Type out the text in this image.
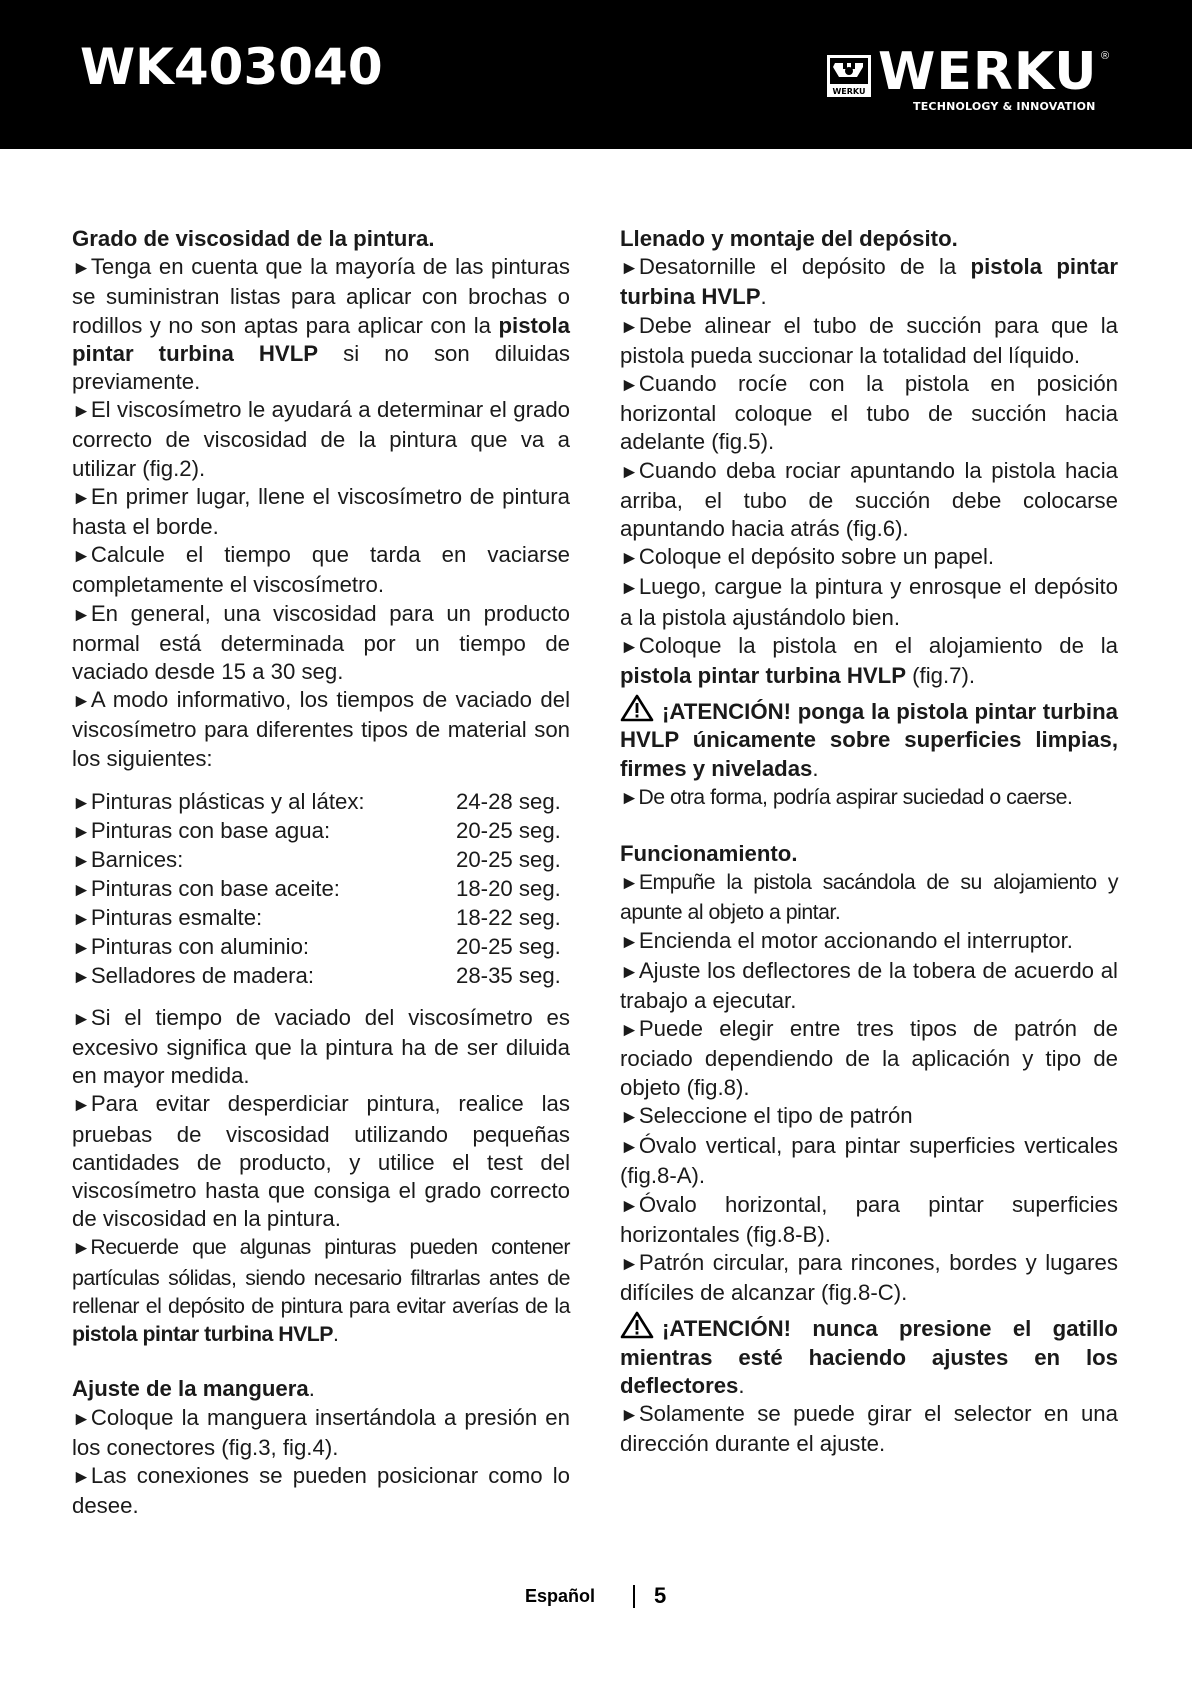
WK403040	WERKU WERKU ®
TECHNOLOGY & INNOVATION
Grado de viscosidad de la pintura.

►Tenga en cuenta que la mayoría de las pinturas se suministran listas para aplicar con brochas o rodillos y no son aptas para aplicar con la pistola pintar turbina HVLP si no son diluidas previamente.

►El viscosímetro le ayudará a determinar el grado correcto de viscosidad de la pintura que va a utilizar (fig.2).

►En primer lugar, llene el viscosímetro de pintura hasta el borde.

►Calcule el tiempo que tarda en vaciarse completamente el viscosímetro.

►En general, una viscosidad para un producto normal está determinada por un tiempo de vaciado desde 15 a 30 seg.

►A modo informativo, los tiempos de vaciado del viscosímetro para diferentes tipos de material son los siguientes:

►Pinturas plásticas y al látex:	24-28 seg.
►Pinturas con base agua:	20-25 seg.
►Barnices:	20-25 seg.
►Pinturas con base aceite:	18-20 seg.
►Pinturas esmalte:	18-22 seg.
►Pinturas con aluminio:	20-25 seg.
►Selladores de madera:	28-35 seg.

►Si el tiempo de vaciado del viscosímetro es excesivo significa que la pintura ha de ser diluida en mayor medida.

►Para evitar desperdiciar pintura, realice las pruebas de viscosidad utilizando pequeñas cantidades de producto, y utilice el test del viscosímetro hasta que consiga el grado correcto de viscosidad en la pintura.

►Recuerde que algunas pinturas pueden contener partículas sólidas, siendo necesario filtrarlas antes de rellenar el depósito de pintura para evitar averías de la pistola pintar turbina HVLP.

Ajuste de la manguera.

►Coloque la manguera insertándola a presión en los conectores (fig.3, fig.4).

►Las conexiones se pueden posicionar como lo desee.

Llenado y montaje del depósito.

►Desatornille el depósito de la pistola pintar turbina HVLP.

►Debe alinear el tubo de succión para que la pistola pueda succionar la totalidad del líquido.

►Cuando rocíe con la pistola en posición horizontal coloque el tubo de succión hacia adelante (fig.5).

►Cuando deba rociar apuntando la pistola hacia arriba, el tubo de succión debe colocarse apuntando hacia atrás (fig.6).

►Coloque el depósito sobre un papel.

►Luego, cargue la pintura y enrosque el depósito a la pistola ajustándolo bien.

►Coloque la pistola en el alojamiento de la pistola pintar turbina HVLP (fig.7).

¡ATENCIÓN! ponga la pistola pintar turbina HVLP únicamente sobre superficies limpias, firmes y niveladas.

►De otra forma, podría aspirar suciedad o caerse.

Funcionamiento.

►Empuñe la pistola sacándola de su alojamiento y apunte al objeto a pintar.

►Encienda el motor accionando el interruptor.

►Ajuste los deflectores de la tobera de acuerdo al trabajo a ejecutar.

►Puede elegir entre tres tipos de patrón de rociado dependiendo de la aplicación y tipo de objeto (fig.8).

►Seleccione el tipo de patrón

►Óvalo vertical, para pintar superficies verticales (fig.8-A).

►Óvalo horizontal, para pintar superficies horizontales (fig.8-B).

►Patrón circular, para rincones, bordes y lugares difíciles de alcanzar (fig.8-C).

¡ATENCIÓN! nunca presione el gatillo mientras esté haciendo ajustes en los deflectores.

►Solamente se puede girar el selector en una dirección durante el ajuste.

Español	5
